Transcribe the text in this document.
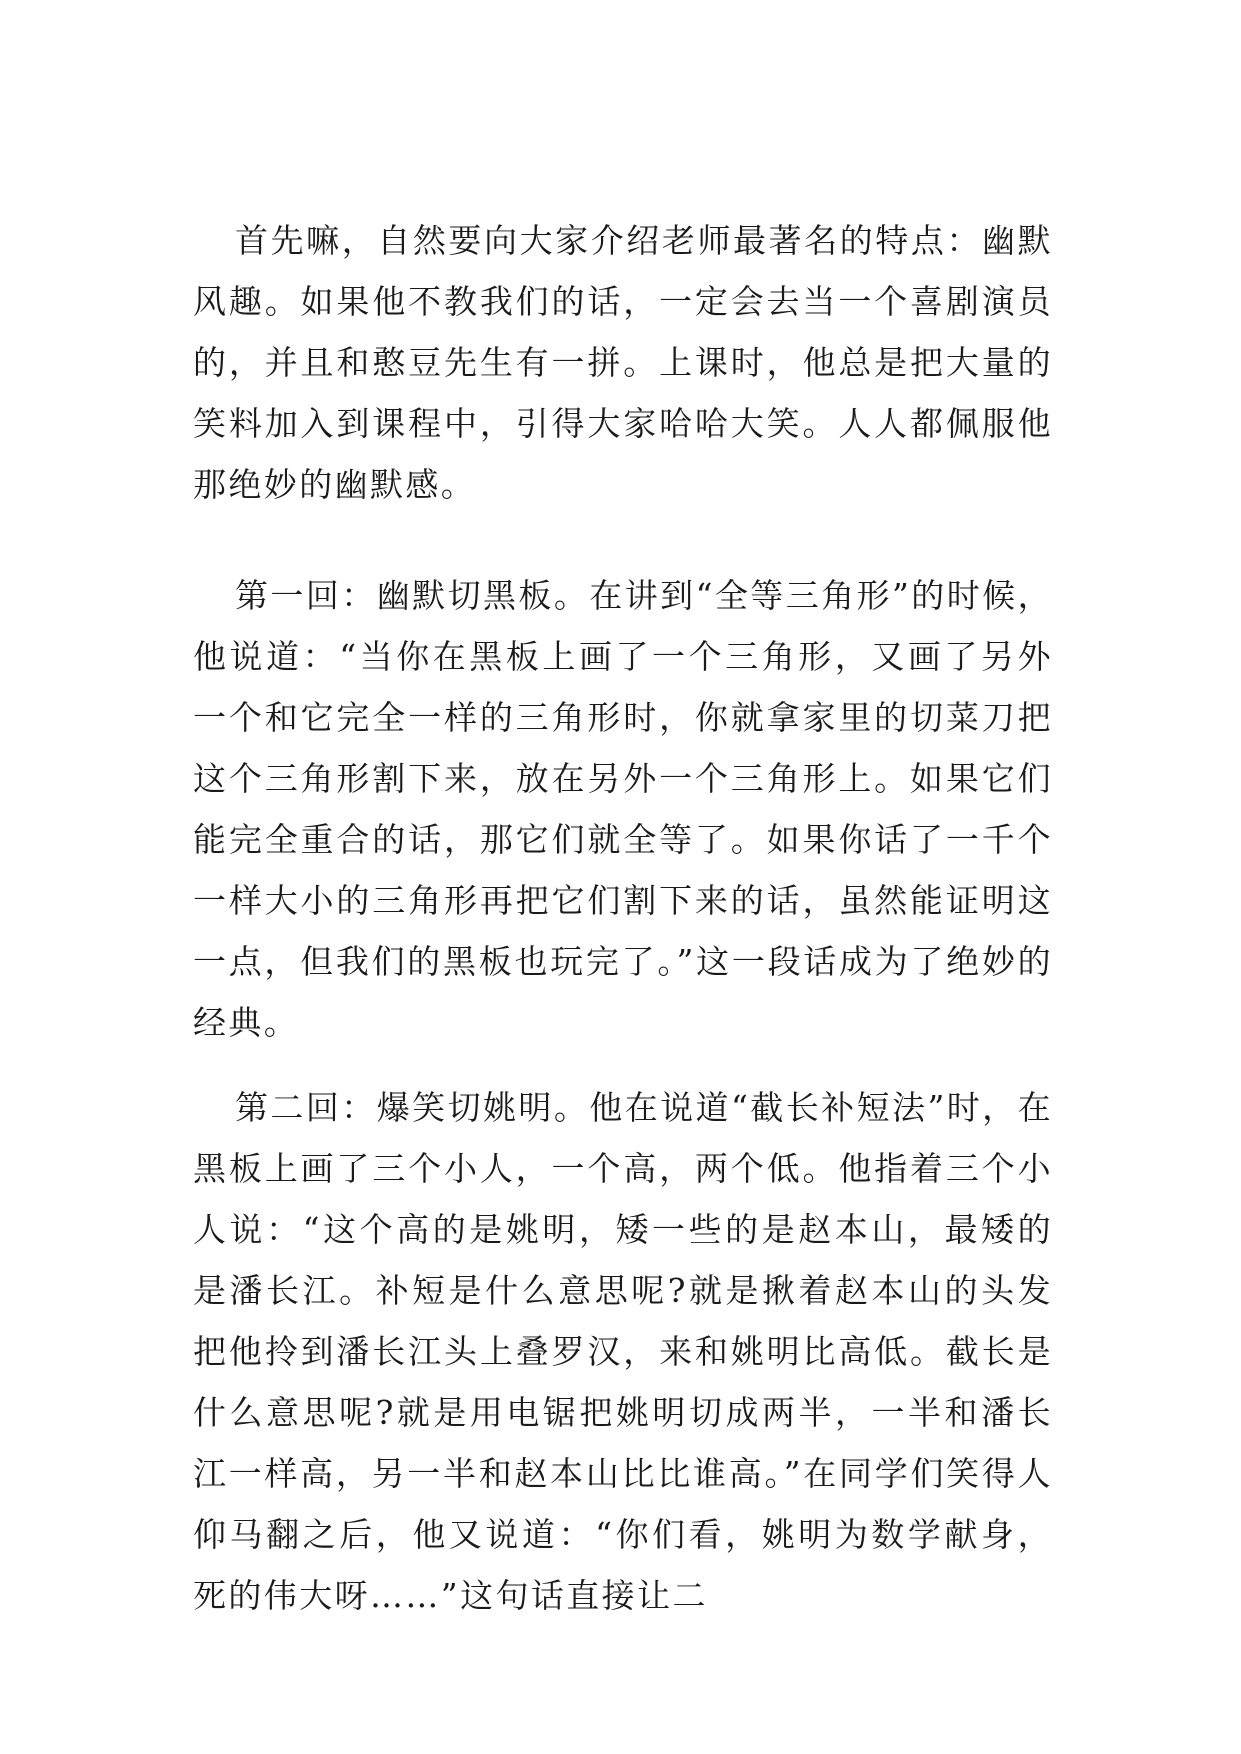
首先嘛，自然要向大家介绍老师最著名的特点：幽默风趣。如果他不教我们的话，一定会去当一个喜剧演员的，并且和憨豆先生有一拼。上课时，他总是把大量的笑料加入到课程中，引得大家哈哈大笑。人人都佩服他那绝妙的幽默感。

第一回：幽默切黑板。在讲到“全等三角形”的时候，他说道：“当你在黑板上画了一个三角形，又画了另外一个和它完全一样的三角形时，你就拿家里的切菜刀把这个三角形割下来，放在另外一个三角形上。如果它们能完全重合的话，那它们就全等了。如果你话了一千个一样大小的三角形再把它们割下来的话，虽然能证明这一点，但我们的黑板也玩完了。”这一段话成为了绝妙的经典。

第二回：爆笑切姚明。他在说道“截长补短法”时，在黑板上画了三个小人，一个高，两个低。他指着三个小人说：“这个高的是姚明，矮一些的是赵本山，最矮的是潘长江。补短是什么意思呢?就是揪着赵本山的头发把他拎到潘长江头上叠罗汉，来和姚明比高低。截长是什么意思呢?就是用电锯把姚明切成两半，一半和潘长江一样高，另一半和赵本山比比谁高。”在同学们笑得人仰马翻之后，他又说道：“你们看，姚明为数学献身，死的伟大呀……”这句话直接让二
